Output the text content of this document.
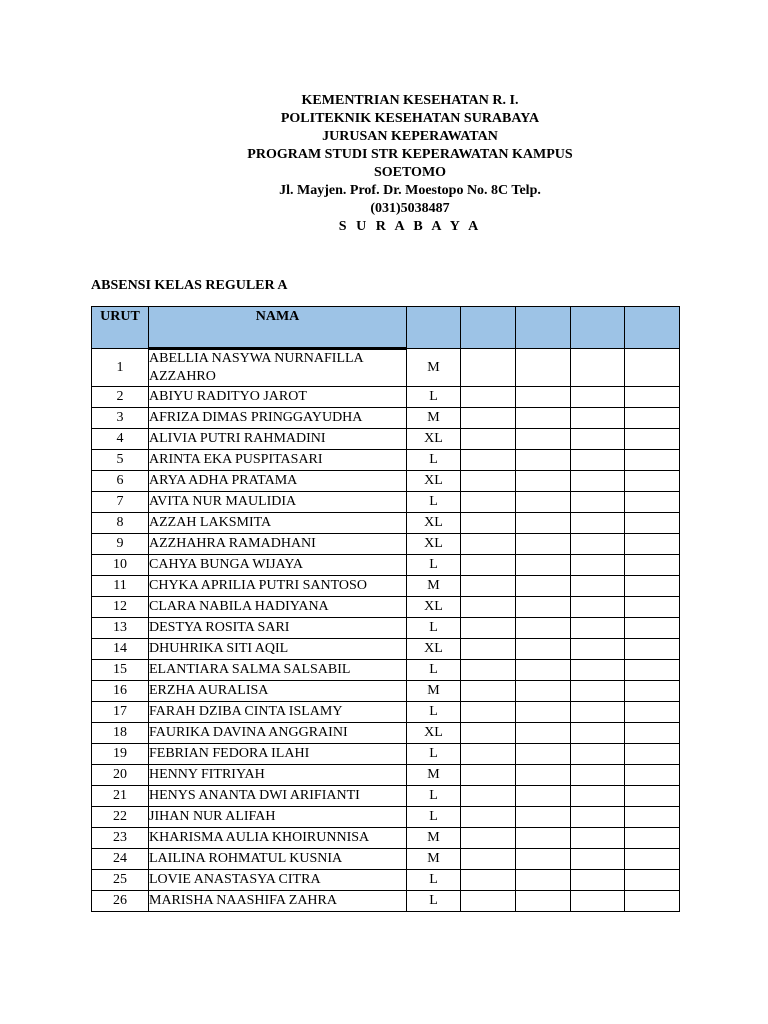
KEMENTRIAN KESEHATAN R. I.
POLITEKNIK KESEHATAN SURABAYA
JURUSAN KEPERAWATAN
PROGRAM STUDI STR KEPERAWATAN KAMPUS
SOETOMO
Jl. Mayjen. Prof. Dr. Moestopo No. 8C Telp.
(031)5038487
S U R A B A Y A
ABSENSI KELAS REGULER A
URUT	NAMA					
1	ABELLIA NASYWA NURNAFILLA AZZAHRO	M				
2	ABIYU RADITYO JAROT	L				
3	AFRIZA DIMAS PRINGGAYUDHA	M				
4	ALIVIA PUTRI RAHMADINI	XL				
5	ARINTA EKA PUSPITASARI	L				
6	ARYA ADHA PRATAMA	XL				
7	AVITA NUR MAULIDIA	L				
8	AZZAH LAKSMITA	XL				
9	AZZHAHRA RAMADHANI	XL				
10	CAHYA BUNGA WIJAYA	L				
11	CHYKA APRILIA PUTRI SANTOSO	M				
12	CLARA NABILA HADIYANA	XL				
13	DESTYA ROSITA SARI	L				
14	DHUHRIKA SITI AQIL	XL				
15	ELANTIARA SALMA SALSABIL	L				
16	ERZHA AURALISA	M				
17	FARAH DZIBA CINTA ISLAMY	L				
18	FAURIKA DAVINA ANGGRAINI	XL				
19	FEBRIAN FEDORA ILAHI	L				
20	HENNY FITRIYAH	M				
21	HENYS ANANTA DWI ARIFIANTI	L				
22	JIHAN NUR ALIFAH	L				
23	KHARISMA AULIA KHOIRUNNISA	M				
24	LAILINA ROHMATUL KUSNIA	M				
25	LOVIE ANASTASYA CITRA	L				
26	MARISHA NAASHIFA ZAHRA	L				
